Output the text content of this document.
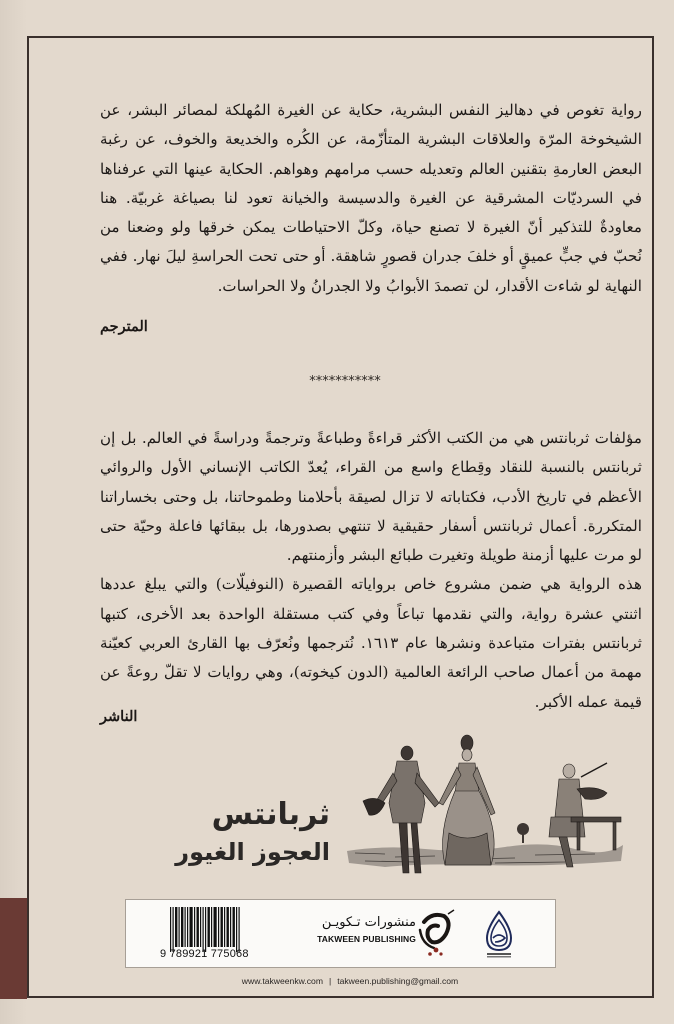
رواية تغوص في دهاليز النفس البشرية، حكاية عن الغيرة المُهلكة لمصائر البشر، عن الشيخوخة المرّة والعلاقات البشرية المتأزّمة، عن الكُره والخديعة والخوف، عن رغبة البعض العارمةِ بتقنين العالم وتعديله حسب مرامهم وهواهم. الحكاية عينها التي عرفناها في السرديّات المشرقية عن الغيرة والدسيسة والخيانة تعود لنا بصياغة غربيّة. هنا معاودةٌ للتذكير أنّ الغيرة لا تصنع حياة، وكلّ الاحتياطات يمكن خرقها ولو وضعنا من نُحبّ في جبٍّ عميقٍ أو خلفَ جدران قصورٍ شاهقة. أو حتى تحت الحراسةِ ليلَ نهار. ففي النهاية لو شاءت الأقدار، لن تصمدَ الأبوابُ ولا الجدرانُ ولا الحراسات.
المترجم
***********

مؤلفات ثربانتس هي من الكتب الأكثر قراءةً وطباعةً وترجمةً ودراسةً في العالم. بل إن ثربانتس بالنسبة للنقاد وقِطاع واسع من القراء، يُعدّ الكاتب الإنساني الأول والروائي الأعظم في تاريخ الأدب، فكتاباته لا تزال لصيقة بأحلامنا وطموحاتنا، بل وحتى بخساراتنا المتكررة. أعمال ثربانتس أسفار حقيقية لا تنتهي بصدورها، بل ببقائها فاعلة وحيّة حتى لو مرت عليها أزمنة طويلة وتغيرت طبائع البشر وأزمنتهم.

هذه الرواية هي ضمن مشروع خاص برواياته القصيرة (النوفيلّات) والتي يبلغ عددها اثنتي عشرة رواية، والتي نقدمها تباعاً وفي كتب مستقلة الواحدة بعد الأخرى، كتبها ثربانتس بفترات متباعدة ونشرها عام ١٦١٣. نُترجمها ونُعرّف بها القارئ العربي كعيّنة مهمة من أعمال صاحب الرائعة العالمية (الدون كيخوته)، وهي روايات لا تقلّ روعةً عن قيمة عمله الأكبر.

الناشر
ثربانتس
العجوز الغيور
9 789921 775068
منشورات تـكويـن
TAKWEEN PUBLISHING
www.takweenkw.com | takween.publishing@gmail.com
